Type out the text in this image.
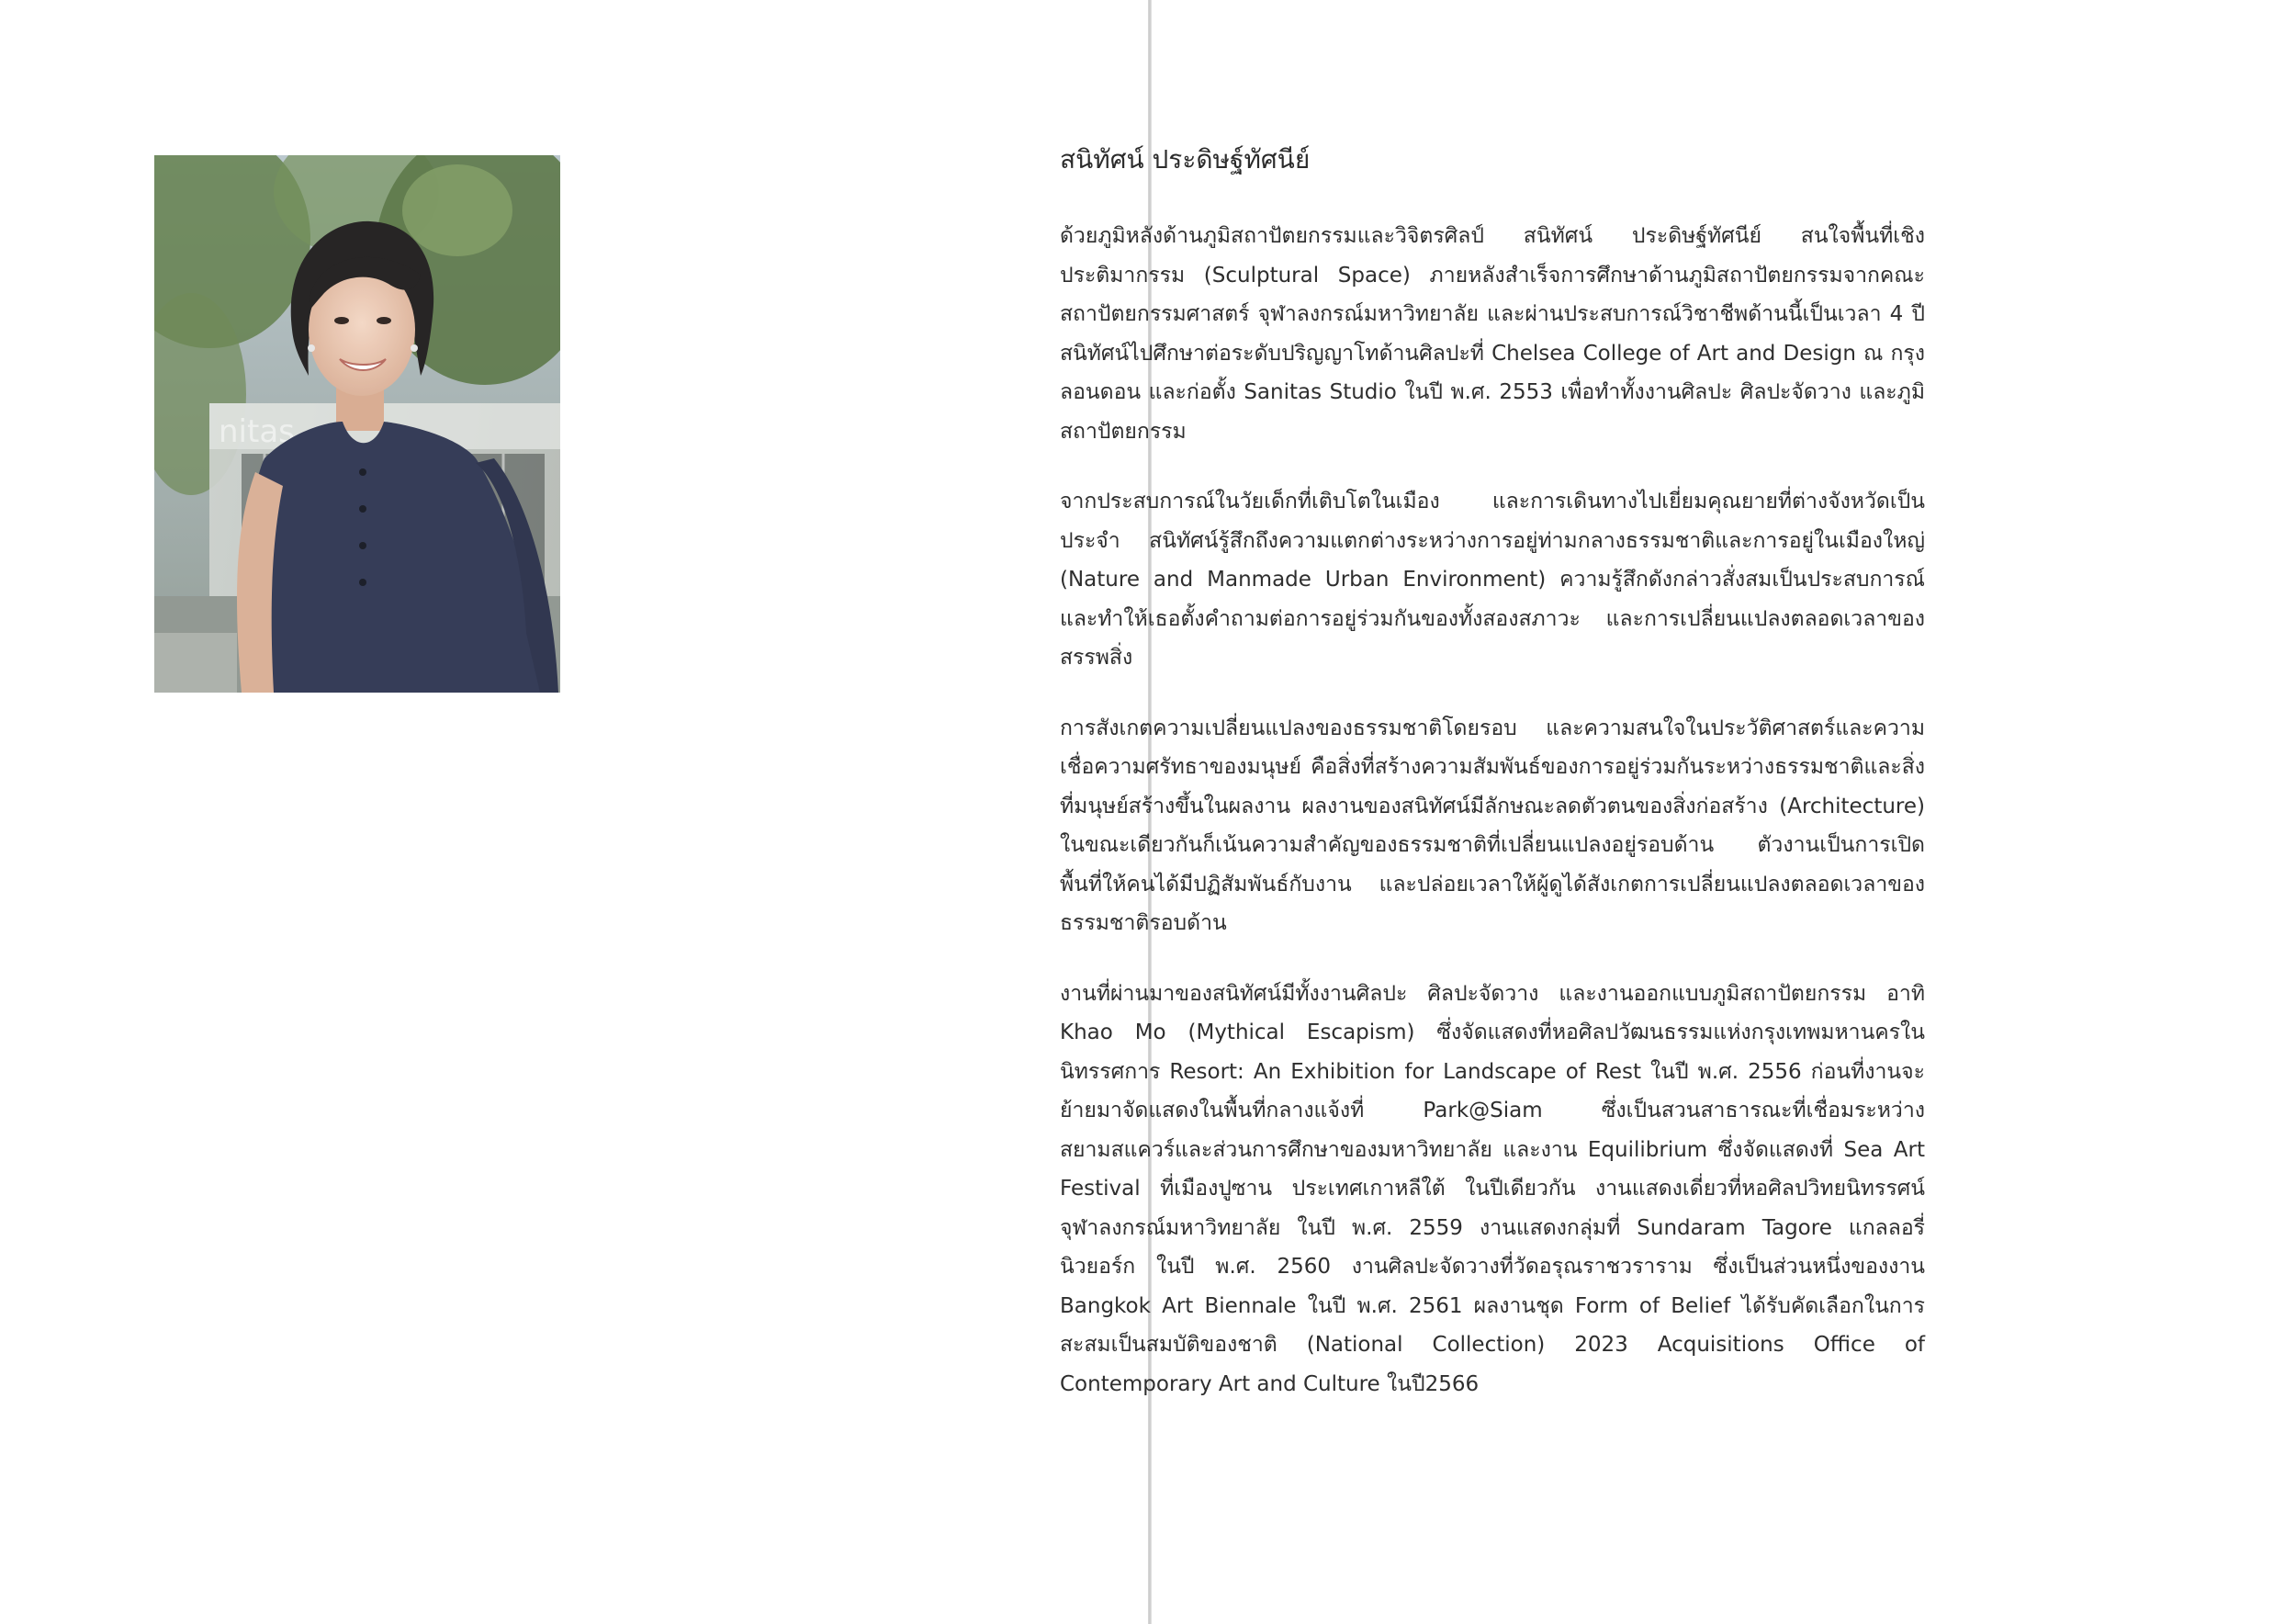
nitas
สนิทัศน์ ประดิษฐ์ทัศนีย์

ด้วยภูมิหลังด้านภูมิสถาปัตยกรรมและวิจิตรศิลป์ สนิทัศน์ ประดิษฐ์ทัศนีย์ สนใจพื้นที่เชิงประติมากรรม (Sculptural Space) ภายหลังสำเร็จการศึกษาด้านภูมิสถาปัตยกรรมจากคณะสถาปัตยกรรมศาสตร์ จุฬาลงกรณ์มหาวิทยาลัย และผ่านประสบการณ์วิชาชีพด้านนี้เป็นเวลา 4 ปี สนิทัศน์ไปศึกษาต่อระดับปริญญาโทด้านศิลปะที่ Chelsea College of Art and Design ณ กรุงลอนดอน และก่อตั้ง Sanitas Studio ในปี พ.ศ. 2553 เพื่อทำทั้งงานศิลปะ ศิลปะจัดวาง และภูมิสถาปัตยกรรม

จากประสบการณ์ในวัยเด็กที่เติบโตในเมือง และการเดินทางไปเยี่ยมคุณยายที่ต่างจังหวัดเป็นประจำ สนิทัศน์รู้สึกถึงความแตกต่างระหว่างการอยู่ท่ามกลางธรรมชาติและการอยู่ในเมืองใหญ่ (Nature and Manmade Urban Environment) ความรู้สึกดังกล่าวสั่งสมเป็นประสบการณ์และทำให้เธอตั้งคำถามต่อการอยู่ร่วมกันของทั้งสองสภาวะ และการเปลี่ยนแปลงตลอดเวลาของสรรพสิ่ง

การสังเกตความเปลี่ยนแปลงของธรรมชาติโดยรอบ และความสนใจในประวัติศาสตร์และความเชื่อความศรัทธาของมนุษย์ คือสิ่งที่สร้างความสัมพันธ์ของการอยู่ร่วมกันระหว่างธรรมชาติและสิ่งที่มนุษย์สร้างขึ้นในผลงาน ผลงานของสนิทัศน์มีลักษณะลดตัวตนของสิ่งก่อสร้าง (Architecture) ในขณะเดียวกันก็เน้นความสำคัญของธรรมชาติที่เปลี่ยนแปลงอยู่รอบด้าน ตัวงานเป็นการเปิดพื้นที่ให้คนได้มีปฏิสัมพันธ์กับงาน และปล่อยเวลาให้ผู้ดูได้สังเกตการเปลี่ยนแปลงตลอดเวลาของธรรมชาติรอบด้าน

งานที่ผ่านมาของสนิทัศน์มีทั้งงานศิลปะ ศิลปะจัดวาง และงานออกแบบภูมิสถาปัตยกรรม อาทิ Khao Mo (Mythical Escapism) ซึ่งจัดแสดงที่หอศิลปวัฒนธรรมแห่งกรุงเทพมหานครในนิทรรศการ Resort: An Exhibition for Landscape of Rest ในปี พ.ศ. 2556 ก่อนที่งานจะย้ายมาจัดแสดงในพื้นที่กลางแจ้งที่ Park@Siam ซึ่งเป็นสวนสาธารณะที่เชื่อมระหว่างสยามสแควร์และส่วนการศึกษาของมหาวิทยาลัย และงาน Equilibrium ซึ่งจัดแสดงที่ Sea Art Festival ที่เมืองปูซาน ประเทศเกาหลีใต้ ในปีเดียวกัน งานแสดงเดี่ยวที่หอศิลปวิทยนิทรรศน์ จุฬาลงกรณ์มหาวิทยาลัย ในปี พ.ศ. 2559 งานแสดงกลุ่มที่ Sundaram Tagore แกลลอรี่นิวยอร์ก ในปี พ.ศ. 2560 งานศิลปะจัดวางที่วัดอรุณราชวราราม ซึ่งเป็นส่วนหนึ่งของงาน Bangkok Art Biennale ในปี พ.ศ. 2561 ผลงานชุด Form of Belief ได้รับคัดเลือกในการสะสมเป็นสมบัติของชาติ (National Collection) 2023 Acquisitions Office of Contemporary Art and Culture ในปี2566
